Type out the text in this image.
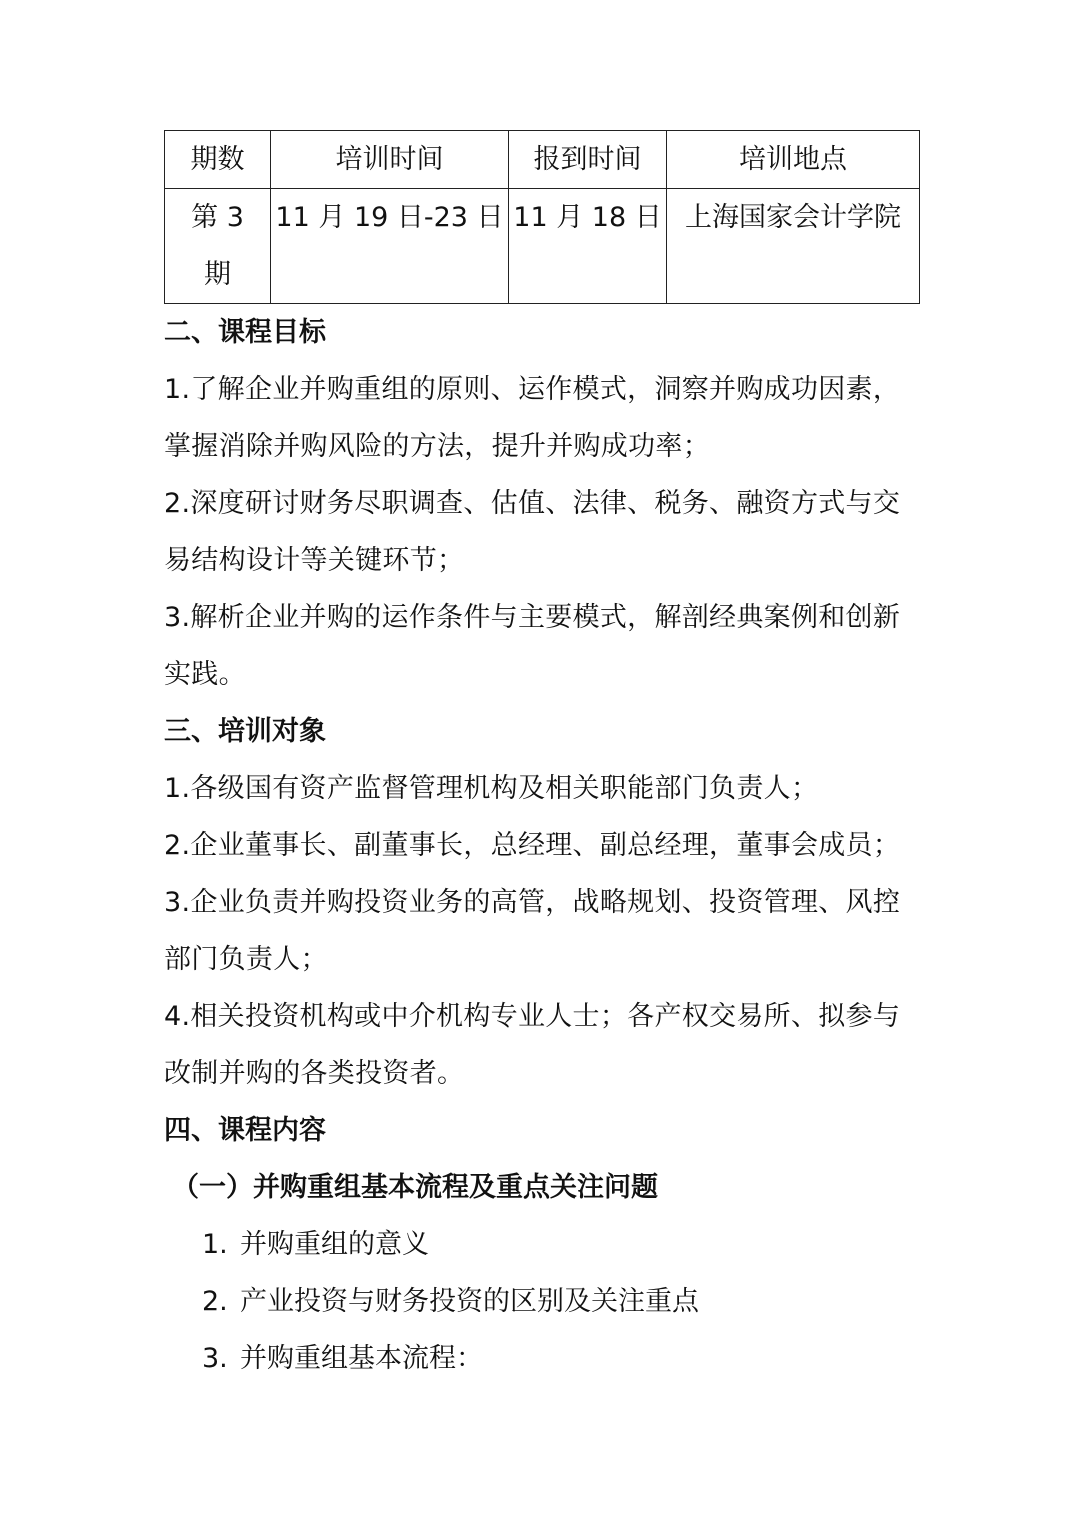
期数	培训时间	报到时间	培训地点
第 3 期	11 月 19 日-23 日	11 月 18 日	上海国家会计学院
二、课程目标

1.了解企业并购重组的原则、运作模式，洞察并购成功因素，掌握消除并购风险的方法，提升并购成功率；

2.深度研讨财务尽职调查、估值、法律、税务、融资方式与交易结构设计等关键环节；

3.解析企业并购的运作条件与主要模式，解剖经典案例和创新实践。

三、培训对象

1.各级国有资产监督管理机构及相关职能部门负责人；

2.企业董事长、副董事长，总经理、副总经理，董事会成员；

3.企业负责并购投资业务的高管，战略规划、投资管理、风控部门负责人；

4.相关投资机构或中介机构专业人士；各产权交易所、拟参与改制并购的各类投资者。

四、课程内容
（一）并购重组基本流程及重点关注问题
1. 并购重组的意义
2. 产业投资与财务投资的区别及关注重点
3. 并购重组基本流程：
